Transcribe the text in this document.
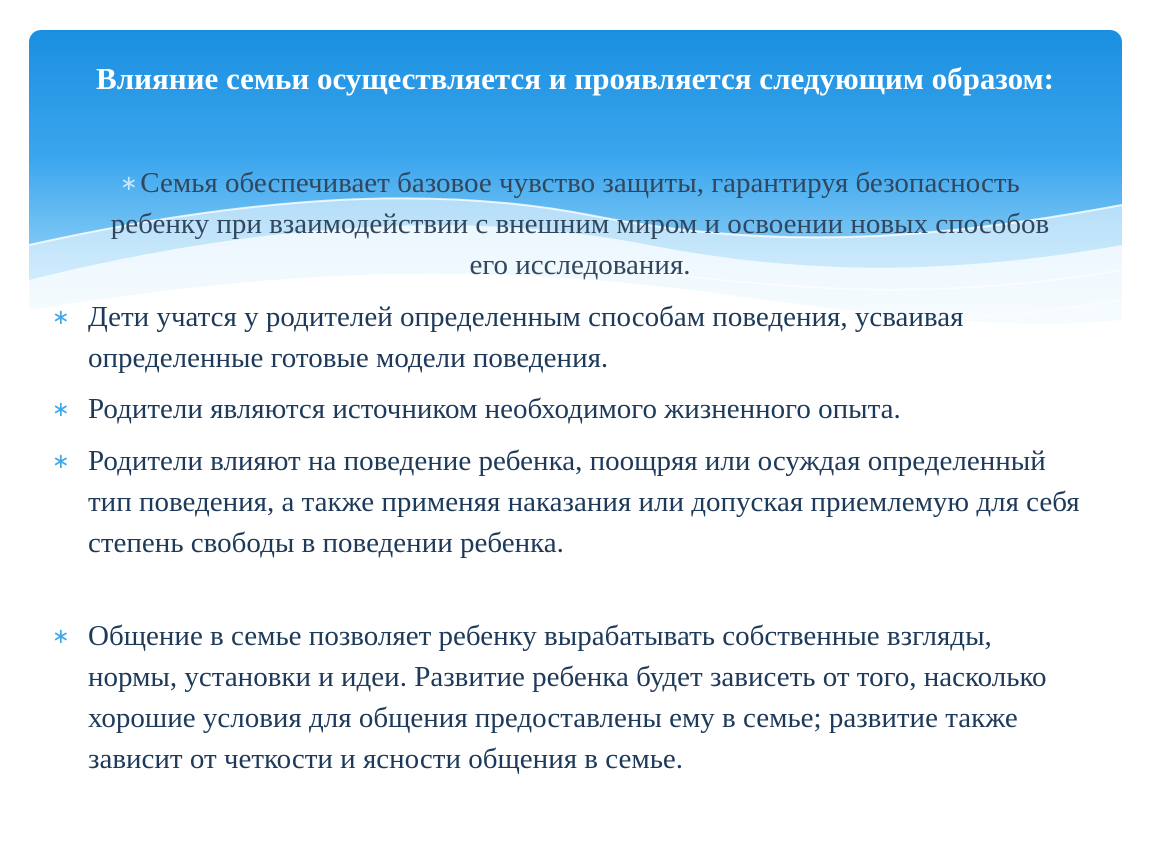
Влияние семьи осуществляется и проявляется следующим образом:
∗ Семья обеспечивает базовое чувство защиты, гарантируя безопасность ребенку при взаимодействии с внешним миром и освоении новых способов его исследования.
∗ Дети учатся у родителей определенным способам поведения, усваивая определенные готовые модели поведения.
∗ Родители являются источником необходимого жизненного опыта.
∗ Родители влияют на поведение ребенка, поощряя или осуждая определенный тип поведения, а также применяя наказания или допуская приемлемую для себя степень свободы в поведении ребенка.
∗ Общение в семье позволяет ребенку вырабатывать собственные взгляды, нормы, установки и идеи. Развитие ребенка будет зависеть от того, насколько хорошие условия для общения предоставлены ему в семье; развитие также зависит от четкости и ясности общения в семье.
